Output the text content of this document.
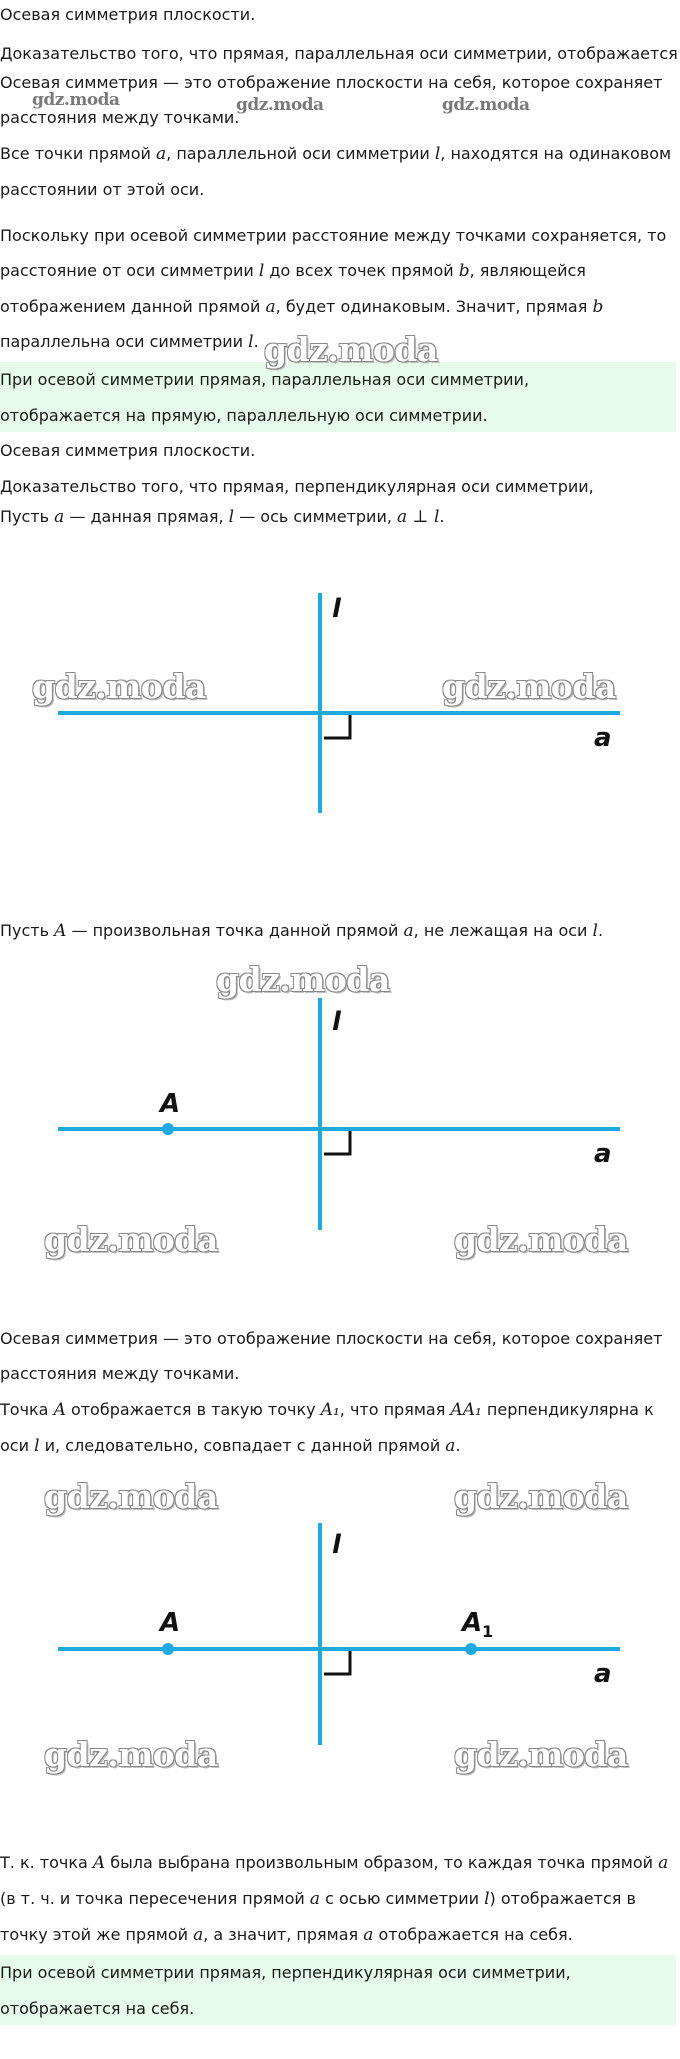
Осевая симметрия плоскости.
Доказательство того, что прямая, параллельная оси симметрии, отображается
Осевая симметрия — это отображение плоскости на себя, которое сохраняет
расстояния между точками.
Все точки прямой a, параллельной оси симметрии l, находятся на одинаковом
расстоянии от этой оси.
Поскольку при осевой симметрии расстояние между точками сохраняется, то
расстояние от оси симметрии l до всех точек прямой b, являющейся
отображением данной прямой a, будет одинаковым. Значит, прямая b
параллельна оси симметрии l.
При осевой симметрии прямая, параллельная оси симметрии,
отображается на прямую, параллельную оси симметрии.
Осевая симметрия плоскости.
Доказательство того, что прямая, перпендикулярная оси симметрии,
Пусть a — данная прямая, l — ось симметрии, a ⊥ l.
l
a
Пусть A — произвольная точка данной прямой a, не лежащая на оси l.
l
A
a
Осевая симметрия — это отображение плоскости на себя, которое сохраняет
расстояния между точками.
Точка A отображается в такую точку A₁, что прямая AA₁ перпендикулярна к
оси l и, следовательно, совпадает с данной прямой a.
l
A	A 1
a
Т. к. точка A была выбрана произвольным образом, то каждая точка прямой a
(в т. ч. и точка пересечения прямой a с осью симметрии l) отображается в
точку этой же прямой a, а значит, прямая a отображается на себя.
При осевой симметрии прямая, перпендикулярная оси симметрии,
отображается на себя.
gdz.moda	gdz.moda	gdz.moda
gdz.moda
gdz.moda	gdz.moda
gdz.moda
gdz.moda	gdz.moda
gdz.moda	gdz.moda
gdz.moda	gdz.moda
